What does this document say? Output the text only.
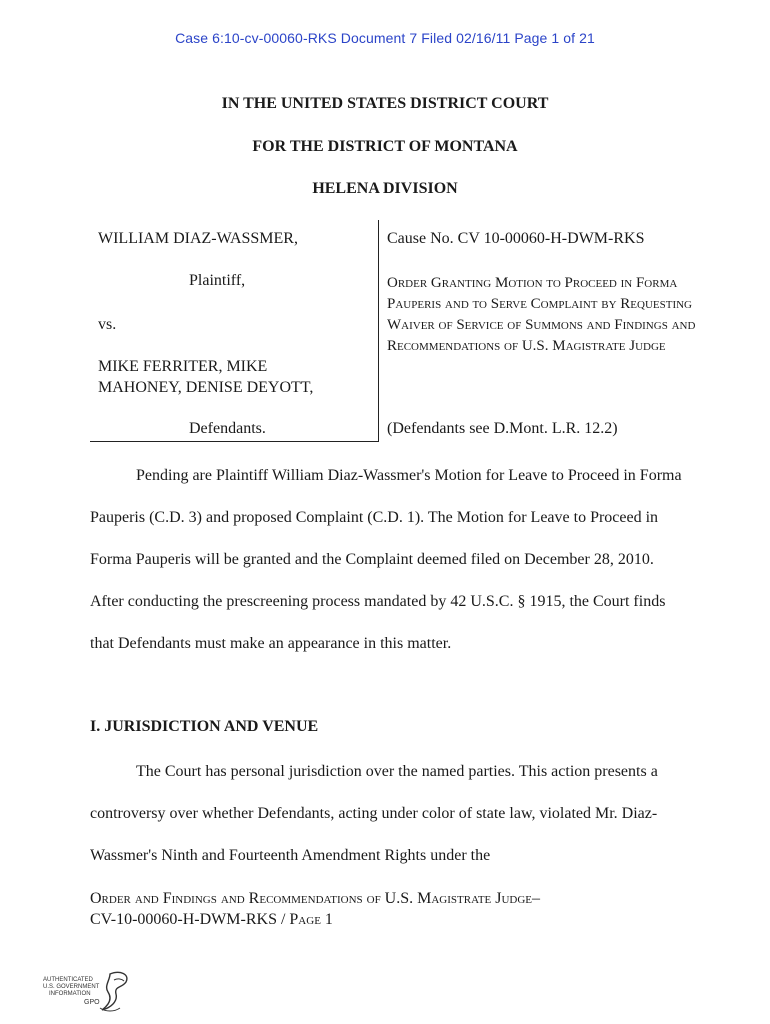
Case 6:10-cv-00060-RKS Document 7 Filed 02/16/11 Page 1 of 21
IN THE UNITED STATES DISTRICT COURT
FOR THE DISTRICT OF MONTANA
HELENA DIVISION
WILLIAM DIAZ-WASSMER,
Plaintiff,
vs.
MIKE FERRITER, MIKE
MAHONEY, DENISE DEYOTT,
Defendants.
Cause No. CV 10-00060-H-DWM-RKS
Order Granting Motion to Proceed in Forma Pauperis and to Serve Complaint by Requesting Waiver of Service of Summons and Findings and Recommendations of U.S. Magistrate Judge
(Defendants see D.Mont. L.R. 12.2)

Pending are Plaintiff William Diaz-Wassmer's Motion for Leave to Proceed in Forma Pauperis (C.D. 3) and proposed Complaint (C.D. 1). The Motion for Leave to Proceed in Forma Pauperis will be granted and the Complaint deemed filed on December 28, 2010. After conducting the prescreening process mandated by 42 U.S.C. § 1915, the Court finds that Defendants must make an appearance in this matter.

I. JURISDICTION AND VENUE

The Court has personal jurisdiction over the named parties. This action presents a controversy over whether Defendants, acting under color of state law, violated Mr. Diaz-Wassmer's Ninth and Fourteenth Amendment Rights under the

Order and Findings and Recommendations of U.S. Magistrate Judge–
CV-10-00060-H-DWM-RKS / Page 1
AUTHENTICATED
U.S. GOVERNMENT
INFORMATION
GPO
